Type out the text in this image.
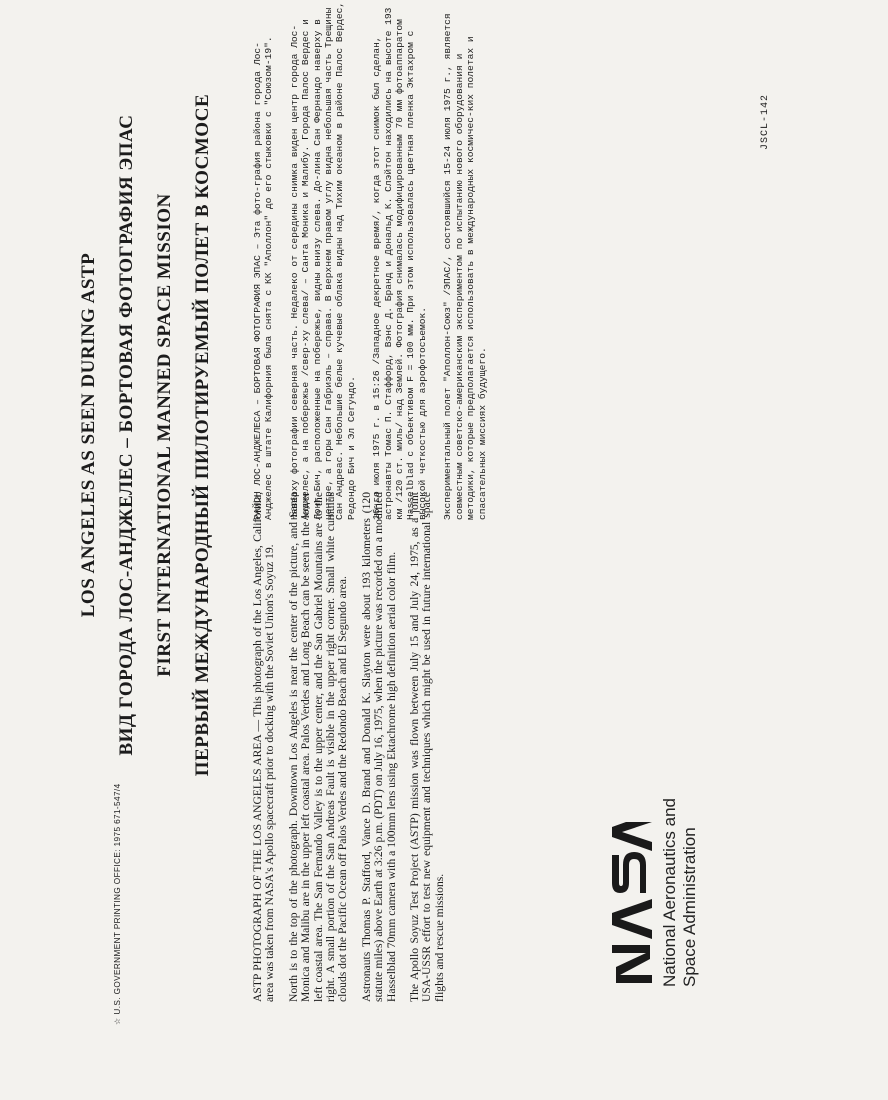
LOS ANGELES AS SEEN DURING ASTP ВИД ГОРОДА ЛОС-АНДЖЕЛЕС – БОРТОВАЯ ФОТОГРАФИЯ ЭПАС FIRST INTERNATIONAL MANNED SPACE MISSION ПЕРВЫЙ МЕЖДУНАРОДНЫЙ ПИЛОТИРУЕМЫЙ ПОЛЕТ В КОСМОСЕ	ASTP PHOTOGRAPH OF THE LOS ANGELES AREA — This photograph of the Los Angeles, California, area was taken from NASA's Apollo spacecraft prior to docking with the Soviet Union's Soyuz 19. North is to the top of the photograph. Downtown Los Angeles is near the center of the picture, and Santa Monica and Malibu are in the upper left coastal area. Palos Verdes and Long Beach can be seen in the lower left coastal area. The San Fernando Valley is to the upper center, and the San Gabriel Mountains are to the right. A small portion of the San Andreas Fault is visible in the upper right corner. Small white cumulus clouds dot the Pacific Ocean off Palos Verdes and the Redondo Beach and El Segundo area. Astronauts Thomas P. Stafford, Vance D. Brand and Donald K. Slayton were about 193 kilometers (120 statute miles) above Earth at 3:26 p.m. (PDT) on July 16, 1975, when the picture was recorded on a modified Hasselblad 70mm camera with a 100mm lens using Ektachrome high definition aerial color film. The Apollo Soyuz Test Project (ASTP) mission was flown between July 15 and July 24, 1975, as a joint USA-USSR effort to test new equipment and techniques which might be used in future international space flights and rescue missions.

РАЙОН ЛОС-АНДЖЕЛЕСА – БОРТОВАЯ ФОТОГРАФИЯ ЭПАС – Эта фото-графия района города Лос-Анджелес в штате Калифорния была снята с КК "Аполлон" до его стыковки с "Союзом-19". Наверху фотографии северная часть. Недалеко от середины снимка виден центр города Лос-Анджелес, а на побережье /свер-ху слева/ – Санта Моника и Малибу. Города Палос Вердес и Лонг Бич, расположенные на побережье, видны внизу слева. До-лина Сан Фернандо наверху в центре, а горы Сан Габриэль – справа. В верхнем правом углу видна небольшая часть Трещины Сан Андреас. Небольшие белые кучевые облака видны над Тихим океаном в районе Палос Вердес, Редондо Бич и Эл Сегундо. 16-го июля 1975 г. в 15:26 /Западное декретное время/, когда этот снимок был сделан, астронавты Томас П. Стаффорд, Вэнс Д. Бранд и Дональд К. Слэйтон находились на высоте 193 км /120 ст. миль/ над Землей. Фотография снималась модифицированным 70 мм фотоаппаратом Hasselblad с объективом F = 100 мм. При этом использовалась цветная пленка Эктахром с высокой четкостью для аэрофотосъемок. Экспериментальный полет "Аполлон-Союз" /ЭПАС/, состоявшийся 15-24 июля 1975 г., является совместным советско-американским экспериментом по испытанию нового оборудования и методики, которые предполагается использовать в международных космичес-ких полетах и спасательных миссиях будущего.

National Aeronautics and Space Administration
☆ U.S. GOVERNMENT PRINTING OFFICE: 1975 671-547/4
JSCL-142
